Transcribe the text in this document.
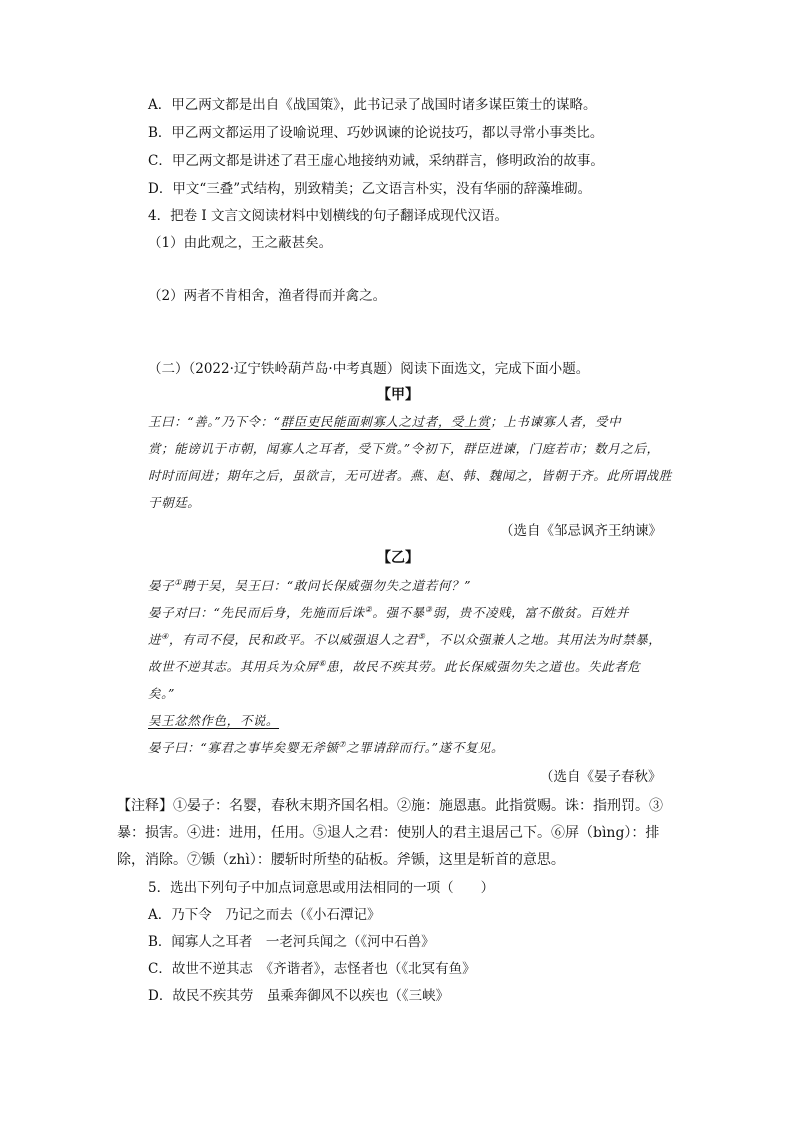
A．甲乙两文都是出自《战国策》，此书记录了战国时诸多谋臣策士的谋略。
B．甲乙两文都运用了设喻说理、巧妙讽谏的论说技巧，都以寻常小事类比。
C．甲乙两文都是讲述了君王虚心地接纳劝诫，采纳群言，修明政治的故事。
D．甲文“三叠”式结构，别致精美；乙文语言朴实，没有华丽的辞藻堆砌。
4．把卷 I 文言文阅读材料中划横线的句子翻译成现代汉语。
（1）由此观之，王之蔽甚矣。
（2）两者不肯相舍，渔者得而并禽之。
（二）（2022·辽宁铁岭葫芦岛·中考真题）阅读下面选文，完成下面小题。
【甲】
王曰：“善。”乃下令：“群臣吏民能面刺寡人之过者，受上赏；上书谏寡人者，受中
赏；能谤讥于市朝，闻寡人之耳者，受下赏。”令初下，群臣进谏，门庭若市；数月之后，
时时而间进；期年之后，虽欲言，无可进者。燕、赵、韩、魏闻之，皆朝于齐。此所谓战胜
于朝廷。
（选自《邹忌讽齐王纳谏》
【乙】
晏子①聘于吴，吴王曰：“敢问长保威强勿失之道若何？”
晏子对曰：“先民而后身，先施而后诛②。强不暴③弱，贵不凌贱，富不傲贫。百姓并
进④，有司不侵，民和政平。不以威强退人之君⑤，不以众强兼人之地。其用法为时禁暴，
故世不逆其志。其用兵为众屏⑥患，故民不疾其劳。此长保威强勿失之道也。失此者危
矣。”
吴王忿然作色，不说。
晏子曰：“寡君之事毕矣婴无斧锧⑦之罪请辞而行。”遂不复见。
（选自《晏子春秋》
【注释】①晏子：名婴，春秋末期齐国名相。②施：施恩惠。此指赏赐。诛：指刑罚。③
暴：损害。④进：进用，任用。⑤退人之君：使别人的君主退居己下。⑥屏（bìng）：排
除，消除。⑦锧（zhì）：腰斩时所垫的砧板。斧锧，这里是斩首的意思。
5．选出下列句子中加点词意思或用法相同的一项（　　）
A．乃下令　乃记之而去（《小石潭记》
B．闻寡人之耳者　一老河兵闻之（《河中石兽》
C．故世不逆其志　《齐谐者》，志怪者也（《北冥有鱼》
D．故民不疾其劳　虽乘奔御风不以疾也（《三峡》
